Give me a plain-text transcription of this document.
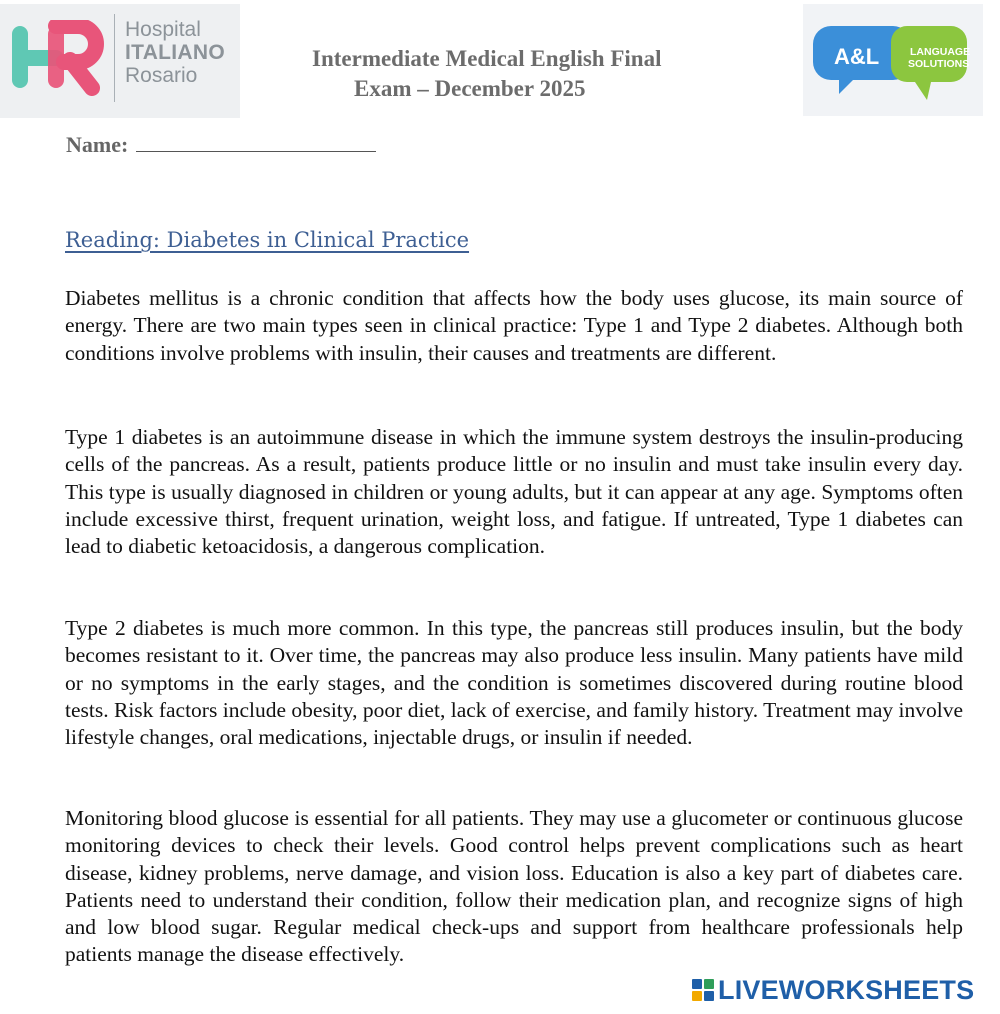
Hospital
ITALIANO
Rosario
Intermediate Medical English Final
Exam – December 2025
A&L	LANGUAGE
SOLUTIONS
Name:
Reading: Diabetes in Clinical Practice

Diabetes mellitus is a chronic condition that affects how the body uses glucose, its main source of energy. There are two main types seen in clinical practice: Type 1 and Type 2 diabetes. Although both conditions involve problems with insulin, their causes and treatments are different.

Type 1 diabetes is an autoimmune disease in which the immune system destroys the insulin-producing cells of the pancreas. As a result, patients produce little or no insulin and must take insulin every day. This type is usually diagnosed in children or young adults, but it can appear at any age. Symptoms often include excessive thirst, frequent urination, weight loss, and fatigue. If untreated, Type 1 diabetes can lead to diabetic ketoacidosis, a dangerous complication.

Type 2 diabetes is much more common. In this type, the pancreas still produces insulin, but the body becomes resistant to it. Over time, the pancreas may also produce less insulin. Many patients have mild or no symptoms in the early stages, and the condition is sometimes discovered during routine blood tests. Risk factors include obesity, poor diet, lack of exercise, and family history. Treatment may involve lifestyle changes, oral medications, injectable drugs, or insulin if needed.

Monitoring blood glucose is essential for all patients. They may use a glucometer or continuous glucose monitoring devices to check their levels. Good control helps prevent complications such as heart disease, kidney problems, nerve damage, and vision loss. Education is also a key part of diabetes care. Patients need to understand their condition, follow their medication plan, and recognize signs of high and low blood sugar. Regular medical check-ups and support from healthcare professionals help patients manage the disease effectively.

LIVEWORKSHEETS
